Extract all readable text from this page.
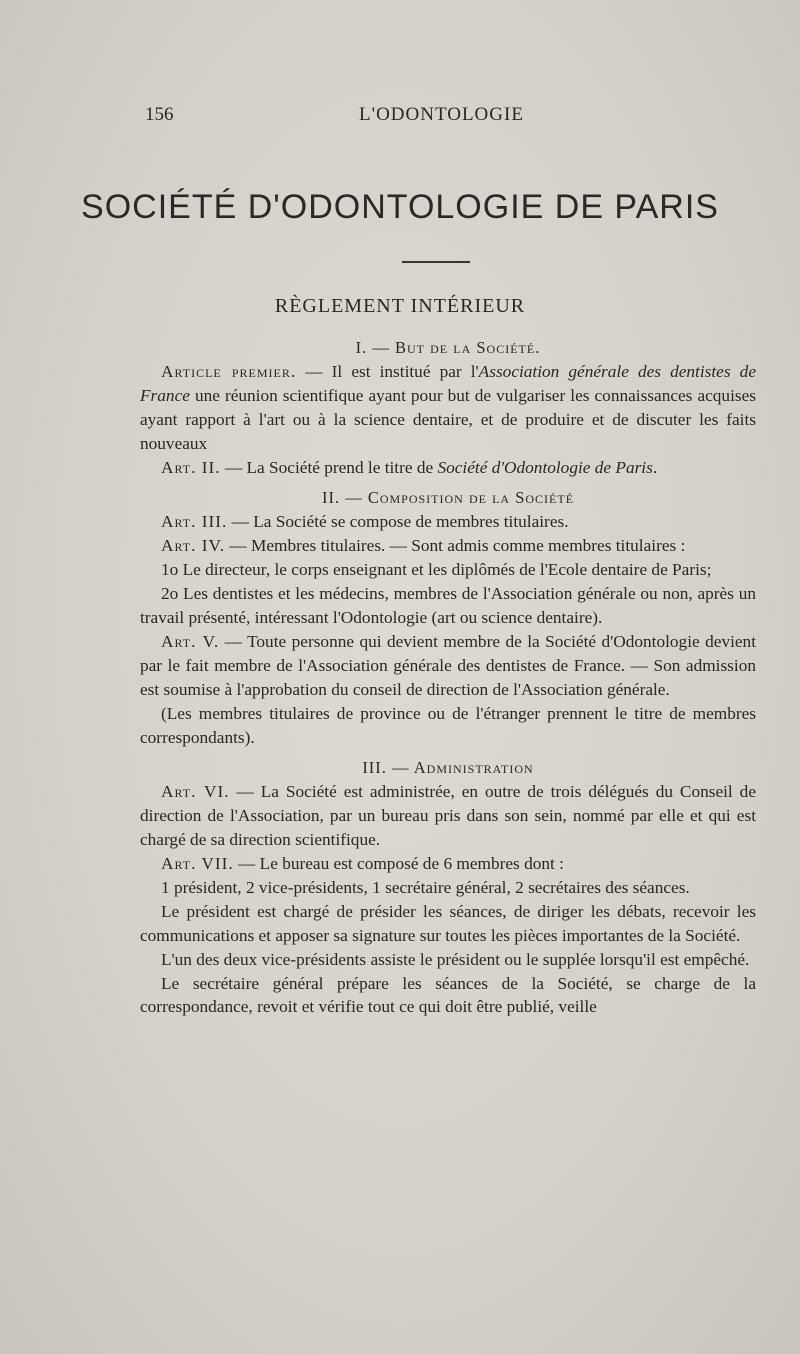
156	L'ODONTOLOGIE
SOCIÉTÉ D'ODONTOLOGIE DE PARIS
RÈGLEMENT INTÉRIEUR

I. — But de la Société.

Article premier. — Il est institué par l'Association générale des dentistes de France une réunion scientifique ayant pour but de vulgariser les connaissances acquises ayant rapport à l'art ou à la science dentaire, et de produire et de discuter les faits nouveaux

Art. II. — La Société prend le titre de Société d'Odontologie de Paris.

II. — Composition de la Société

Art. III. — La Société se compose de membres titulaires.

Art. IV. — Membres titulaires. — Sont admis comme membres titulaires :

1o Le directeur, le corps enseignant et les diplômés de l'Ecole dentaire de Paris;

2o Les dentistes et les médecins, membres de l'Association générale ou non, après un travail présenté, intéressant l'Odontologie (art ou science dentaire).

Art. V. — Toute personne qui devient membre de la Société d'Odontologie devient par le fait membre de l'Association générale des dentistes de France. — Son admission est soumise à l'approbation du conseil de direction de l'Association générale.

(Les membres titulaires de province ou de l'étranger prennent le titre de membres correspondants).

III. — Administration

Art. VI. — La Société est administrée, en outre de trois délégués du Conseil de direction de l'Association, par un bureau pris dans son sein, nommé par elle et qui est chargé de sa direction scientifique.

Art. VII. — Le bureau est composé de 6 membres dont :

1 président, 2 vice-présidents, 1 secrétaire général, 2 secrétaires des séances.

Le président est chargé de présider les séances, de diriger les débats, recevoir les communications et apposer sa signature sur toutes les pièces importantes de la Société.

L'un des deux vice-présidents assiste le président ou le supplée lorsqu'il est empêché.

Le secrétaire général prépare les séances de la Société, se charge de la correspondance, revoit et vérifie tout ce qui doit être publié, veille
